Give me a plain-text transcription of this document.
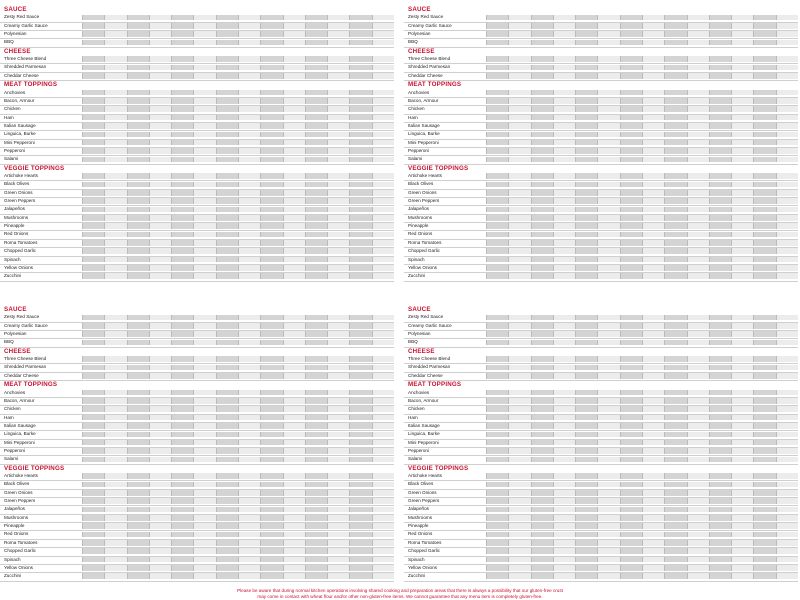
SAUCE
Zesty Red Sauce
Creamy Garlic Sauce
Polynesian
BBQ
CHEESE
Three Cheese Blend
Shredded Parmesan
Cheddar Cheese
MEAT TOPPINGS
Anchovies
Bacon, Armour
Chicken
Ham
Italian Sausage
Linguica, Burke
Mini Pepperoni
Pepperoni
Salami
VEGGIE TOPPINGS
Artichoke Hearts
Black Olives
Green Onions
Green Peppers
Jalapeños
Mushrooms
Pineapple
Red Onions
Roma Tomatoes
Chopped Garlic
Spinach
Yellow Onions
Zucchini
SAUCE
Zesty Red Sauce
Creamy Garlic Sauce
Polynesian
BBQ
CHEESE
Three Cheese Blend
Shredded Parmesan
Cheddar Cheese
MEAT TOPPINGS
Anchovies
Bacon, Armour
Chicken
Ham
Italian Sausage
Linguica, Burke
Mini Pepperoni
Pepperoni
Salami
VEGGIE TOPPINGS
Artichoke Hearts
Black Olives
Green Onions
Green Peppers
Jalapeños
Mushrooms
Pineapple
Red Onions
Roma Tomatoes
Chopped Garlic
Spinach
Yellow Onions
Zucchini
SAUCE
Zesty Red Sauce
Creamy Garlic Sauce
Polynesian
BBQ
CHEESE
Three Cheese Blend
Shredded Parmesan
Cheddar Cheese
MEAT TOPPINGS
Anchovies
Bacon, Armour
Chicken
Ham
Italian Sausage
Linguica, Burke
Mini Pepperoni
Pepperoni
Salami
VEGGIE TOPPINGS
Artichoke Hearts
Black Olives
Green Onions
Green Peppers
Jalapeños
Mushrooms
Pineapple
Red Onions
Roma Tomatoes
Chopped Garlic
Spinach
Yellow Onions
Zucchini
SAUCE
Zesty Red Sauce
Creamy Garlic Sauce
Polynesian
BBQ
CHEESE
Three Cheese Blend
Shredded Parmesan
Cheddar Cheese
MEAT TOPPINGS
Anchovies
Bacon, Armour
Chicken
Ham
Italian Sausage
Linguica, Burke
Mini Pepperoni
Pepperoni
Salami
VEGGIE TOPPINGS
Artichoke Hearts
Black Olives
Green Onions
Green Peppers
Jalapeños
Mushrooms
Pineapple
Red Onions
Roma Tomatoes
Chopped Garlic
Spinach
Yellow Onions
Zucchini
Please be aware that during normal kitchen operations involving shared cooking and preparation areas that there is always a possibility that our gluten-free crust
may come in contact with wheat flour and/or other non-gluten-free items. We cannot guarantee that any menu item is completely gluten-free.
